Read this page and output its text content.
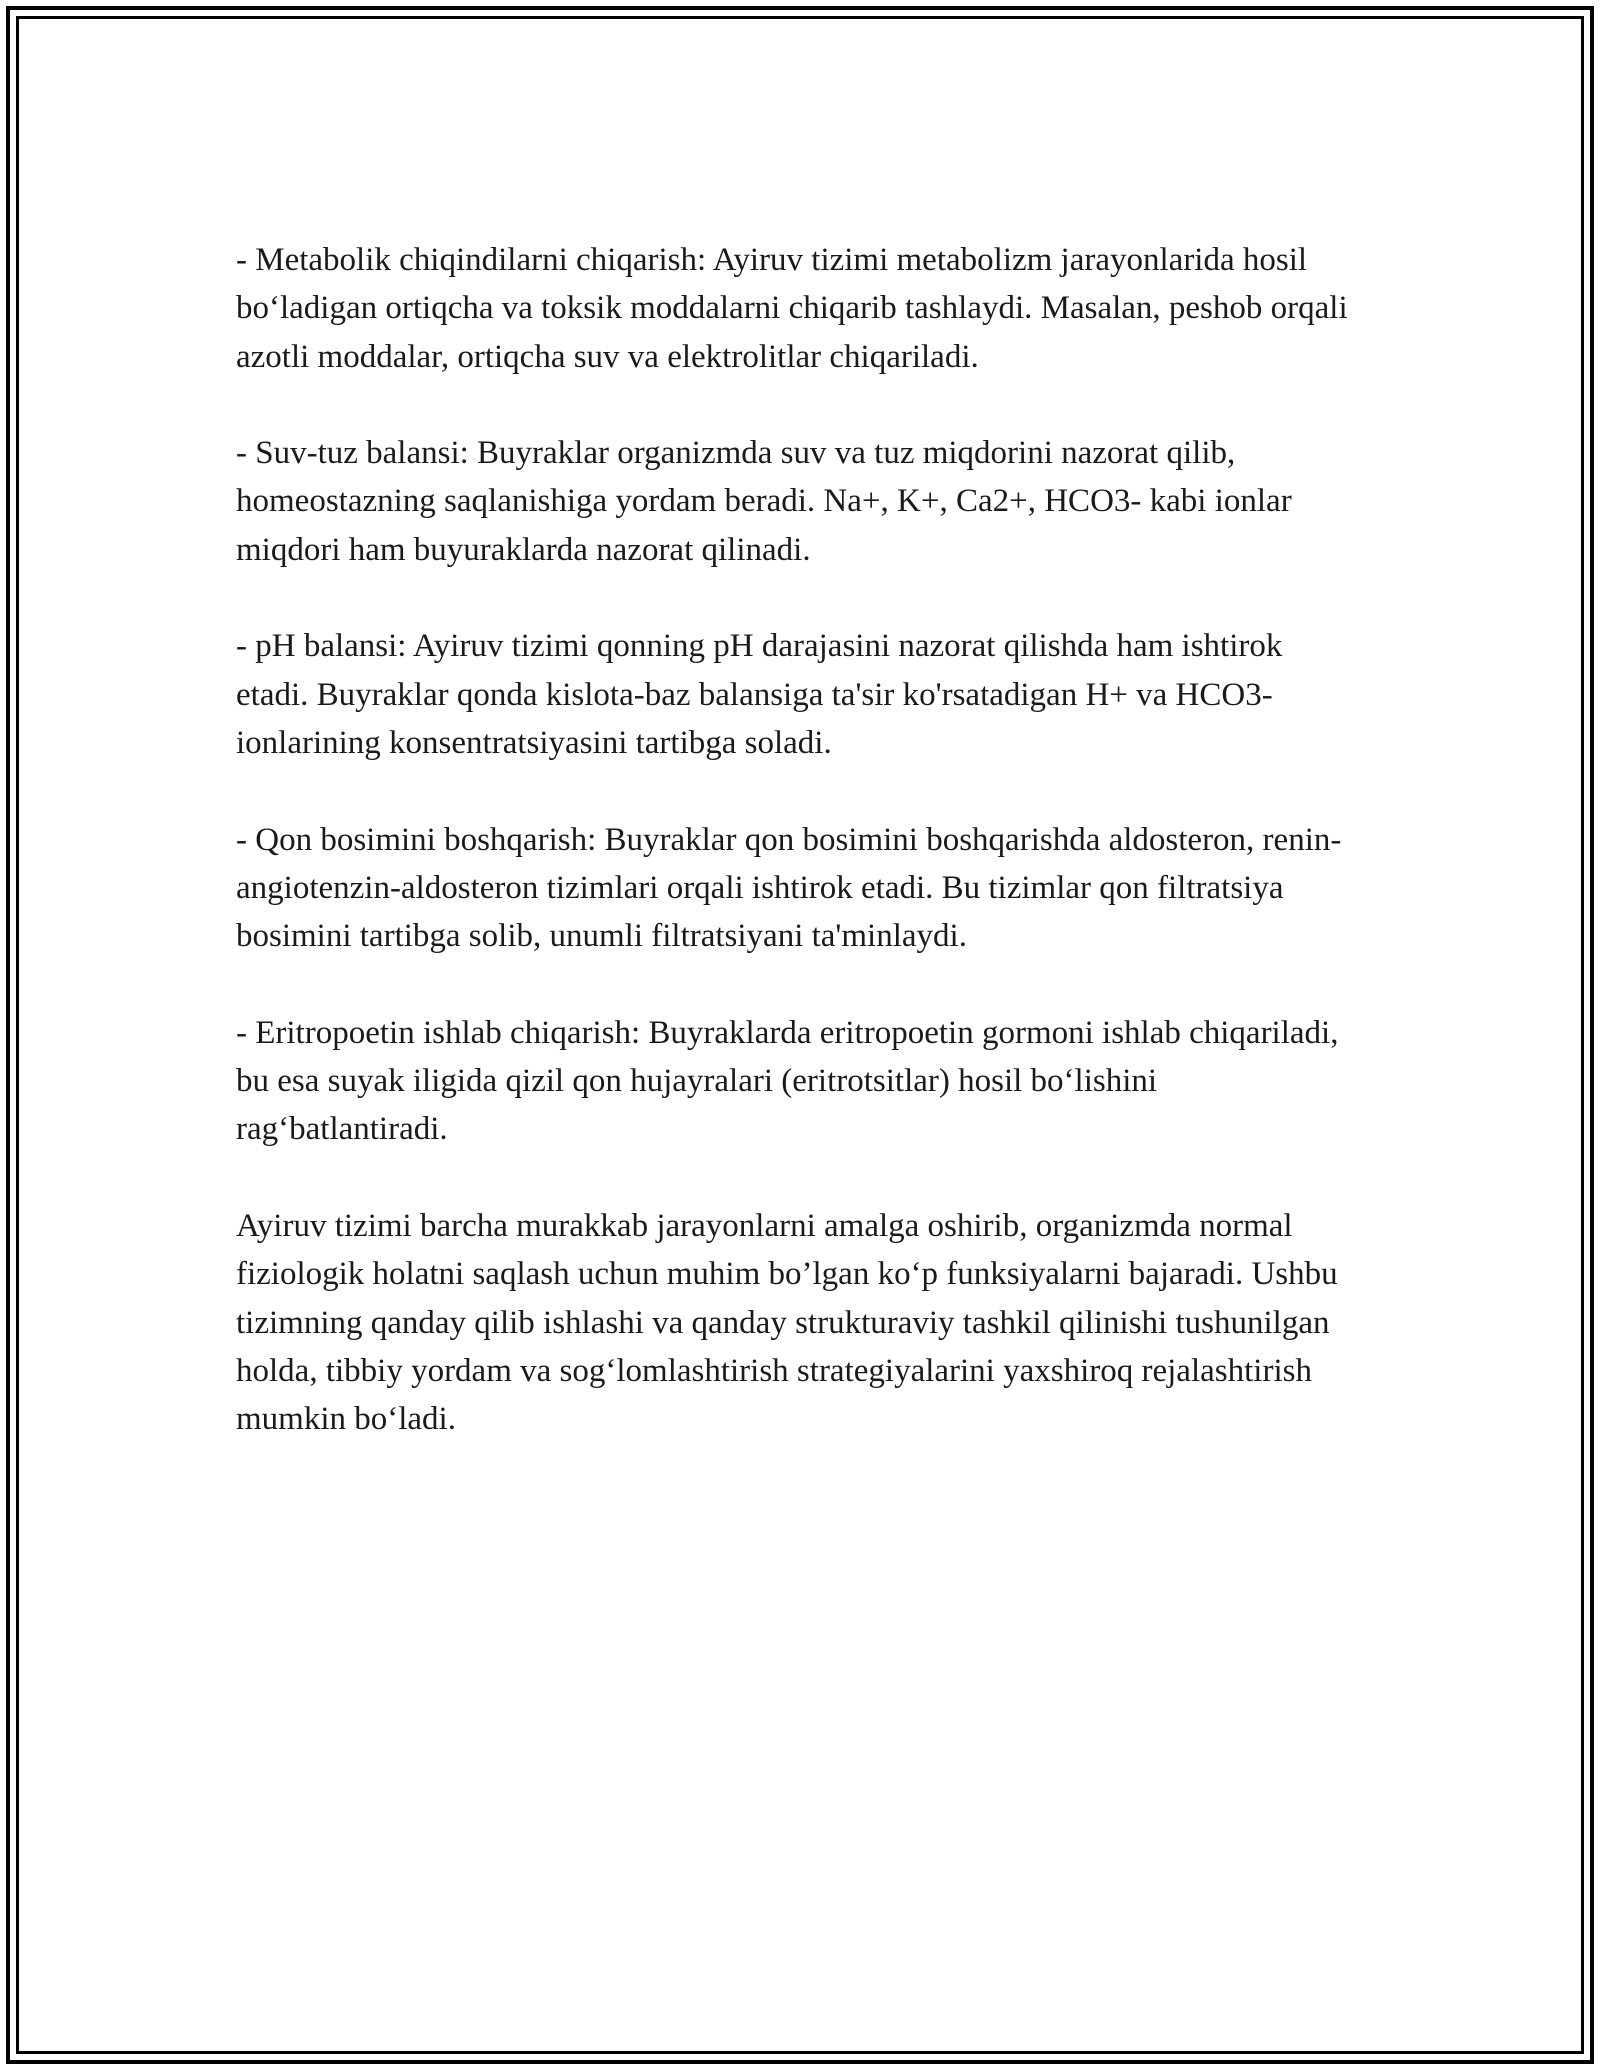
- Metabolik chiqindilarni chiqarish: Ayiruv tizimi metabolizm jarayonlarida hosil bo‘ladigan ortiqcha va toksik moddalarni chiqarib tashlaydi. Masalan, peshob orqali azotli moddalar, ortiqcha suv va elektrolitlar chiqariladi.

- Suv-tuz balansi: Buyraklar organizmda suv va tuz miqdorini nazorat qilib, homeostazning saqlanishiga yordam beradi. Na+, K+, Ca2+, HCO3- kabi ionlar miqdori ham buyuraklarda nazorat qilinadi.

- pH balansi: Ayiruv tizimi qonning pH darajasini nazorat qilishda ham ishtirok etadi. Buyraklar qonda kislota-baz balansiga ta'sir ko'rsatadigan H+ va HCO3- ionlarining konsentratsiyasini tartibga soladi.

- Qon bosimini boshqarish: Buyraklar qon bosimini boshqarishda aldosteron, renin-angiotenzin-aldosteron tizimlari orqali ishtirok etadi. Bu tizimlar qon filtratsiya bosimini tartibga solib, unumli filtratsiyani ta'minlaydi.

- Eritropoetin ishlab chiqarish: Buyraklarda eritropoetin gormoni ishlab chiqariladi, bu esa suyak iligida qizil qon hujayralari (eritrotsitlar) hosil bo‘lishini rag‘batlantiradi.

Ayiruv tizimi barcha murakkab jarayonlarni amalga oshirib, organizmda normal fiziologik holatni saqlash uchun muhim bo’lgan ko‘p funksiyalarni bajaradi. Ushbu tizimning qanday qilib ishlashi va qanday strukturaviy tashkil qilinishi tushunilgan holda, tibbiy yordam va sog‘lomlashtirish strategiyalarini yaxshiroq rejalashtirish mumkin bo‘ladi.
